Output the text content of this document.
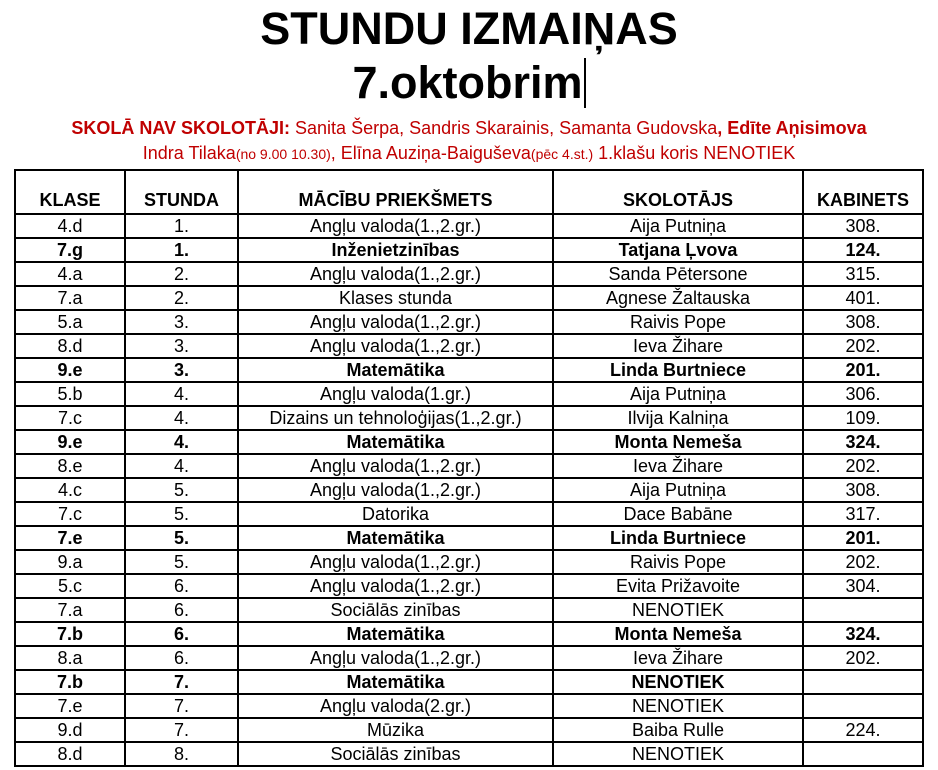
STUNDU IZMAIŅAS
7.oktobrim
SKOLĀ NAV SKOLOTĀJI: Sanita Šerpa, Sandris Skarainis, Samanta Gudovska, Edīte Aņisimova
Indra Tilaka(no 9.00 10.30), Elīna Auziņa-Baiguševa(pēc 4.st.) 1.klašu koris NENOTIEK
KLASE	STUNDA	MĀCĪBU PRIEKŠMETS	SKOLOTĀJS	KABINETS
4.d	1.	Angļu valoda(1.,2.gr.)	Aija Putniņa	308.
7.g	1.	Inženietzinības	Tatjana Ļvova	124.
4.a	2.	Angļu valoda(1.,2.gr.)	Sanda Pētersone	315.
7.a	2.	Klases stunda	Agnese Žaltauska	401.
5.a	3.	Angļu valoda(1.,2.gr.)	Raivis Pope	308.
8.d	3.	Angļu valoda(1.,2.gr.)	Ieva Žihare	202.
9.e	3.	Matemātika	Linda Burtniece	201.
5.b	4.	Angļu valoda(1.gr.)	Aija Putniņa	306.
7.c	4.	Dizains un tehnoloģijas(1.,2.gr.)	Ilvija Kalniņa	109.
9.e	4.	Matemātika	Monta Nemeša	324.
8.e	4.	Angļu valoda(1.,2.gr.)	Ieva Žihare	202.
4.c	5.	Angļu valoda(1.,2.gr.)	Aija Putniņa	308.
7.c	5.	Datorika	Dace Babāne	317.
7.e	5.	Matemātika	Linda Burtniece	201.
9.a	5.	Angļu valoda(1.,2.gr.)	Raivis Pope	202.
5.c	6.	Angļu valoda(1.,2.gr.)	Evita Prižavoite	304.
7.a	6.	Sociālās zinības	NENOTIEK	
7.b	6.	Matemātika	Monta Nemeša	324.
8.a	6.	Angļu valoda(1.,2.gr.)	Ieva Žihare	202.
7.b	7.	Matemātika	NENOTIEK	
7.e	7.	Angļu valoda(2.gr.)	NENOTIEK	
9.d	7.	Mūzika	Baiba Rulle	224.
8.d	8.	Sociālās zinības	NENOTIEK	
